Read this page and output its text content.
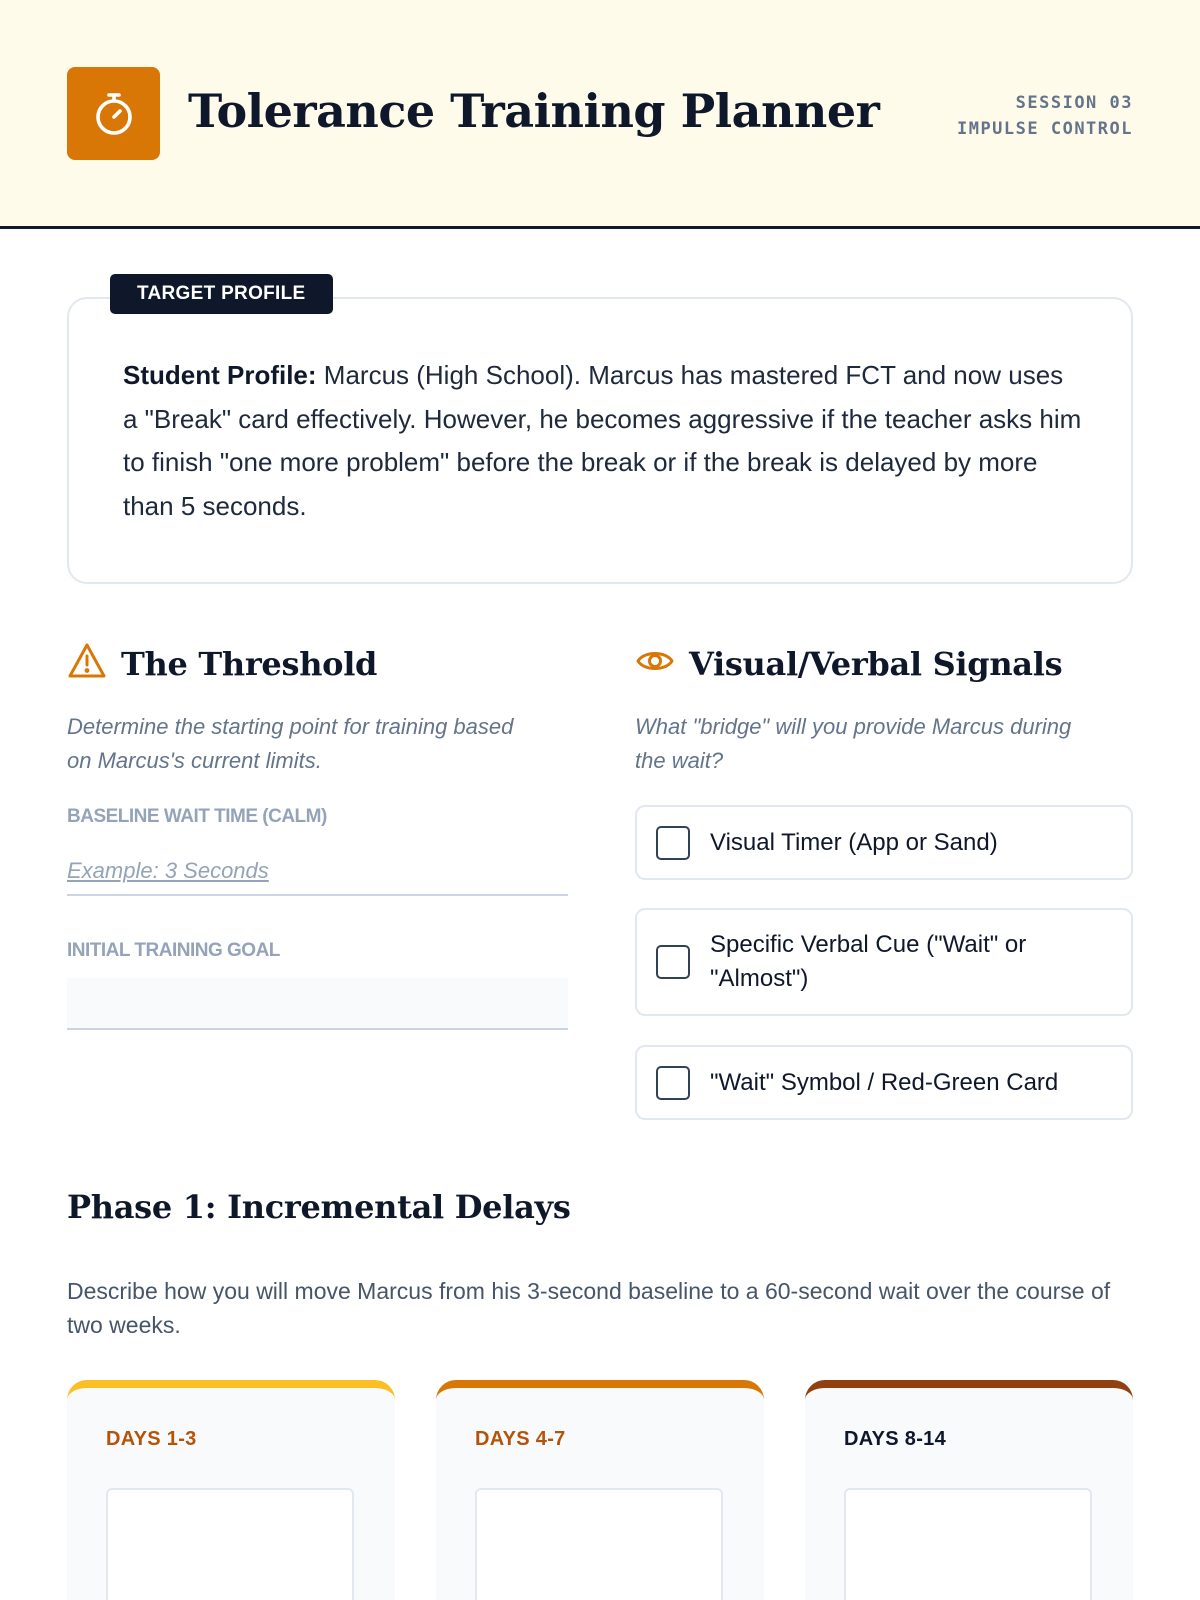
Tolerance Training Planner	SESSION 03
IMPULSE CONTROL
TARGET PROFILE
Student Profile: Marcus (High School). Marcus has mastered FCT and now uses a "Break" card effectively. However, he becomes aggressive if the teacher asks him to finish "one more problem" before the break or if the break is delayed by more than 5 seconds.
The Threshold
Determine the starting point for training based on Marcus's current limits.
BASELINE WAIT TIME (CALM)
Example: 3 Seconds
INITIAL TRAINING GOAL
Visual/Verbal Signals
What "bridge" will you provide Marcus during the wait?
Visual Timer (App or Sand)
Specific Verbal Cue ("Wait" or "Almost")
"Wait" Symbol / Red-Green Card
Phase 1: Incremental Delays
Describe how you will move Marcus from his 3-second baseline to a 60-second wait over the course of two weeks.
DAYS 1-3	DAYS 4-7	DAYS 8-14
